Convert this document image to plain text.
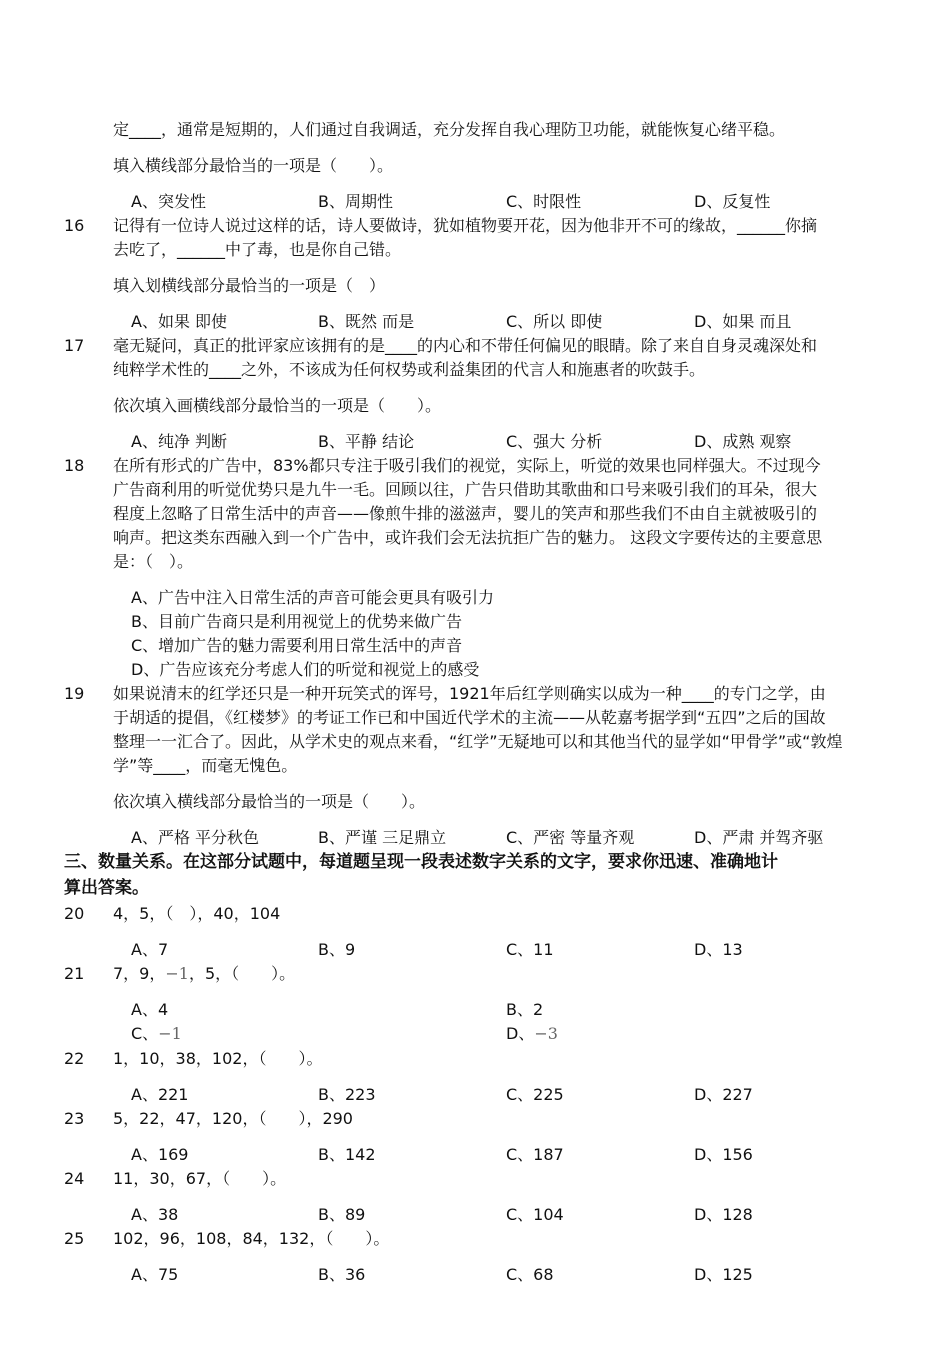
定____，通常是短期的，人们通过自我调适，充分发挥自我心理防卫功能，就能恢复心绪平稳。
填入横线部分最恰当的一项是（　　）。
A、突发性	B、周期性	C、时限性	D、反复性
16 记得有一位诗人说过这样的话，诗人要做诗，犹如植物要开花，因为他非开不可的缘故，______你摘
去吃了，______中了毒，也是你自己错。
填入划横线部分最恰当的一项是（　）
A、如果 即使	B、既然 而是	C、所以 即使	D、如果 而且
17 毫无疑问，真正的批评家应该拥有的是____的内心和不带任何偏见的眼睛。除了来自自身灵魂深处和
纯粹学术性的____之外，不该成为任何权势或利益集团的代言人和施惠者的吹鼓手。
依次填入画横线部分最恰当的一项是（　　）。
A、纯净 判断	B、平静 结论	C、强大 分析	D、成熟 观察
18 在所有形式的广告中，83%都只专注于吸引我们的视觉，实际上，听觉的效果也同样强大。不过现今
广告商利用的听觉优势只是九牛一毛。回顾以往，广告只借助其歌曲和口号来吸引我们的耳朵，很大
程度上忽略了日常生活中的声音——像煎牛排的滋滋声，婴儿的笑声和那些我们不由自主就被吸引的
响声。把这类东西融入到一个广告中，或许我们会无法抗拒广告的魅力。 这段文字要传达的主要意思
是：（　）。
A、广告中注入日常生活的声音可能会更具有吸引力
B、目前广告商只是利用视觉上的优势来做广告
C、增加广告的魅力需要利用日常生活中的声音
D、广告应该充分考虑人们的听觉和视觉上的感受
19 如果说清末的红学还只是一种开玩笑式的诨号，1921年后红学则确实以成为一种____的专门之学，由
于胡适的提倡，《红楼梦》的考证工作已和中国近代学术的主流——从乾嘉考据学到“五四”之后的国故
整理一一汇合了。因此，从学术史的观点来看，“红学”无疑地可以和其他当代的显学如“甲骨学”或“敦煌
学”等____，而毫无愧色。
依次填入横线部分最恰当的一项是（　　）。
A、严格 平分秋色	B、严谨 三足鼎立	C、严密 等量齐观	D、严肃 并驾齐驱
三、数量关系。在这部分试题中，每道题呈现一段表述数字关系的文字，要求你迅速、准确地计
算出答案。
20 4，5，（　），40，104
A、7	B、9	C、11	D、13
21 7，9，−1，5，（　　）。
A、4	B、2
C、−1	D、−3
22 1，10，38，102，（　　）。
A、221	B、223	C、225	D、227
23 5，22，47，120，（　　），290
A、169	B、142	C、187	D、156
24 11，30，67，（　　）。
A、38	B、89	C、104	D、128
25 102，96，108，84，132，（　　）。
A、75	B、36	C、68	D、125
